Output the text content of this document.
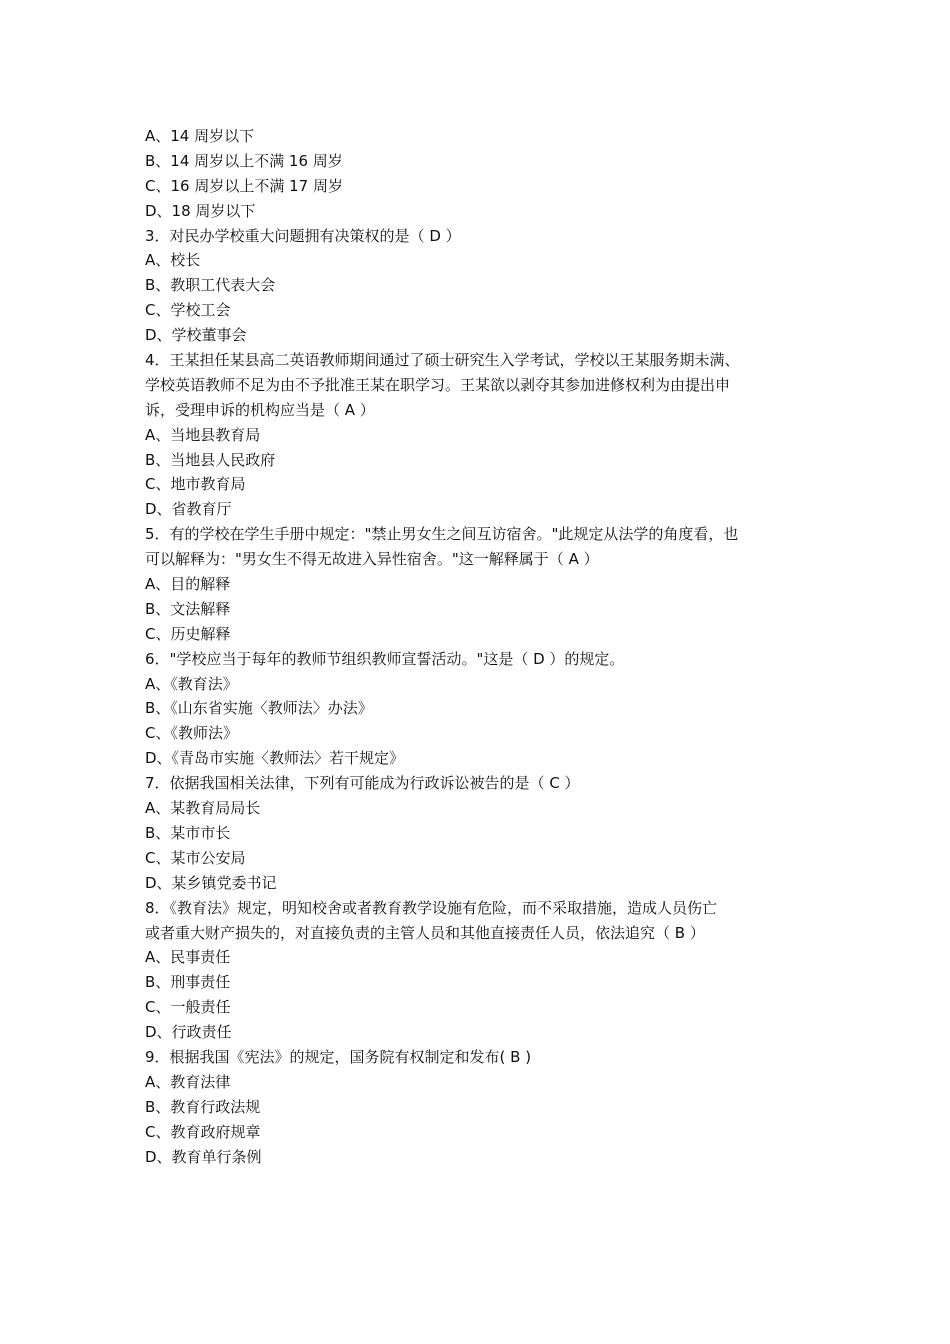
A、14 周岁以下
B、14 周岁以上不满 16 周岁
C、16 周岁以上不满 17 周岁
D、18 周岁以下
3．对民办学校重大问题拥有决策权的是（ D ）
A、校长
B、教职工代表大会
C、学校工会
D、学校董事会
4．王某担任某县高二英语教师期间通过了硕士研究生入学考试，学校以王某服务期未满、
学校英语教师不足为由不予批准王某在职学习。王某欲以剥夺其参加进修权利为由提出申
诉，受理申诉的机构应当是（ A ）
A、当地县教育局
B、当地县人民政府
C、地市教育局
D、省教育厅
5．有的学校在学生手册中规定："禁止男女生之间互访宿舍。"此规定从法学的角度看，也
可以解释为："男女生不得无故进入异性宿舍。"这一解释属于（ A ）
A、目的解释
B、文法解释
C、历史解释
6．"学校应当于每年的教师节组织教师宣誓活动。"这是（ D ）的规定。
A、《教育法》
B、《山东省实施〈教师法〉办法》
C、《教师法》
D、《青岛市实施〈教师法〉若干规定》
7．依据我国相关法律，下列有可能成为行政诉讼被告的是（ C ）
A、某教育局局长
B、某市市长
C、某市公安局
D、某乡镇党委书记
8．《教育法》规定，明知校舍或者教育教学设施有危险，而不采取措施，造成人员伤亡
或者重大财产损失的，对直接负责的主管人员和其他直接责任人员，依法追究（ B ）
A、民事责任
B、刑事责任
C、一般责任
D、行政责任
9．根据我国《宪法》的规定，国务院有权制定和发布( B )
A、教育法律
B、教育行政法规
C、教育政府规章
D、教育单行条例
